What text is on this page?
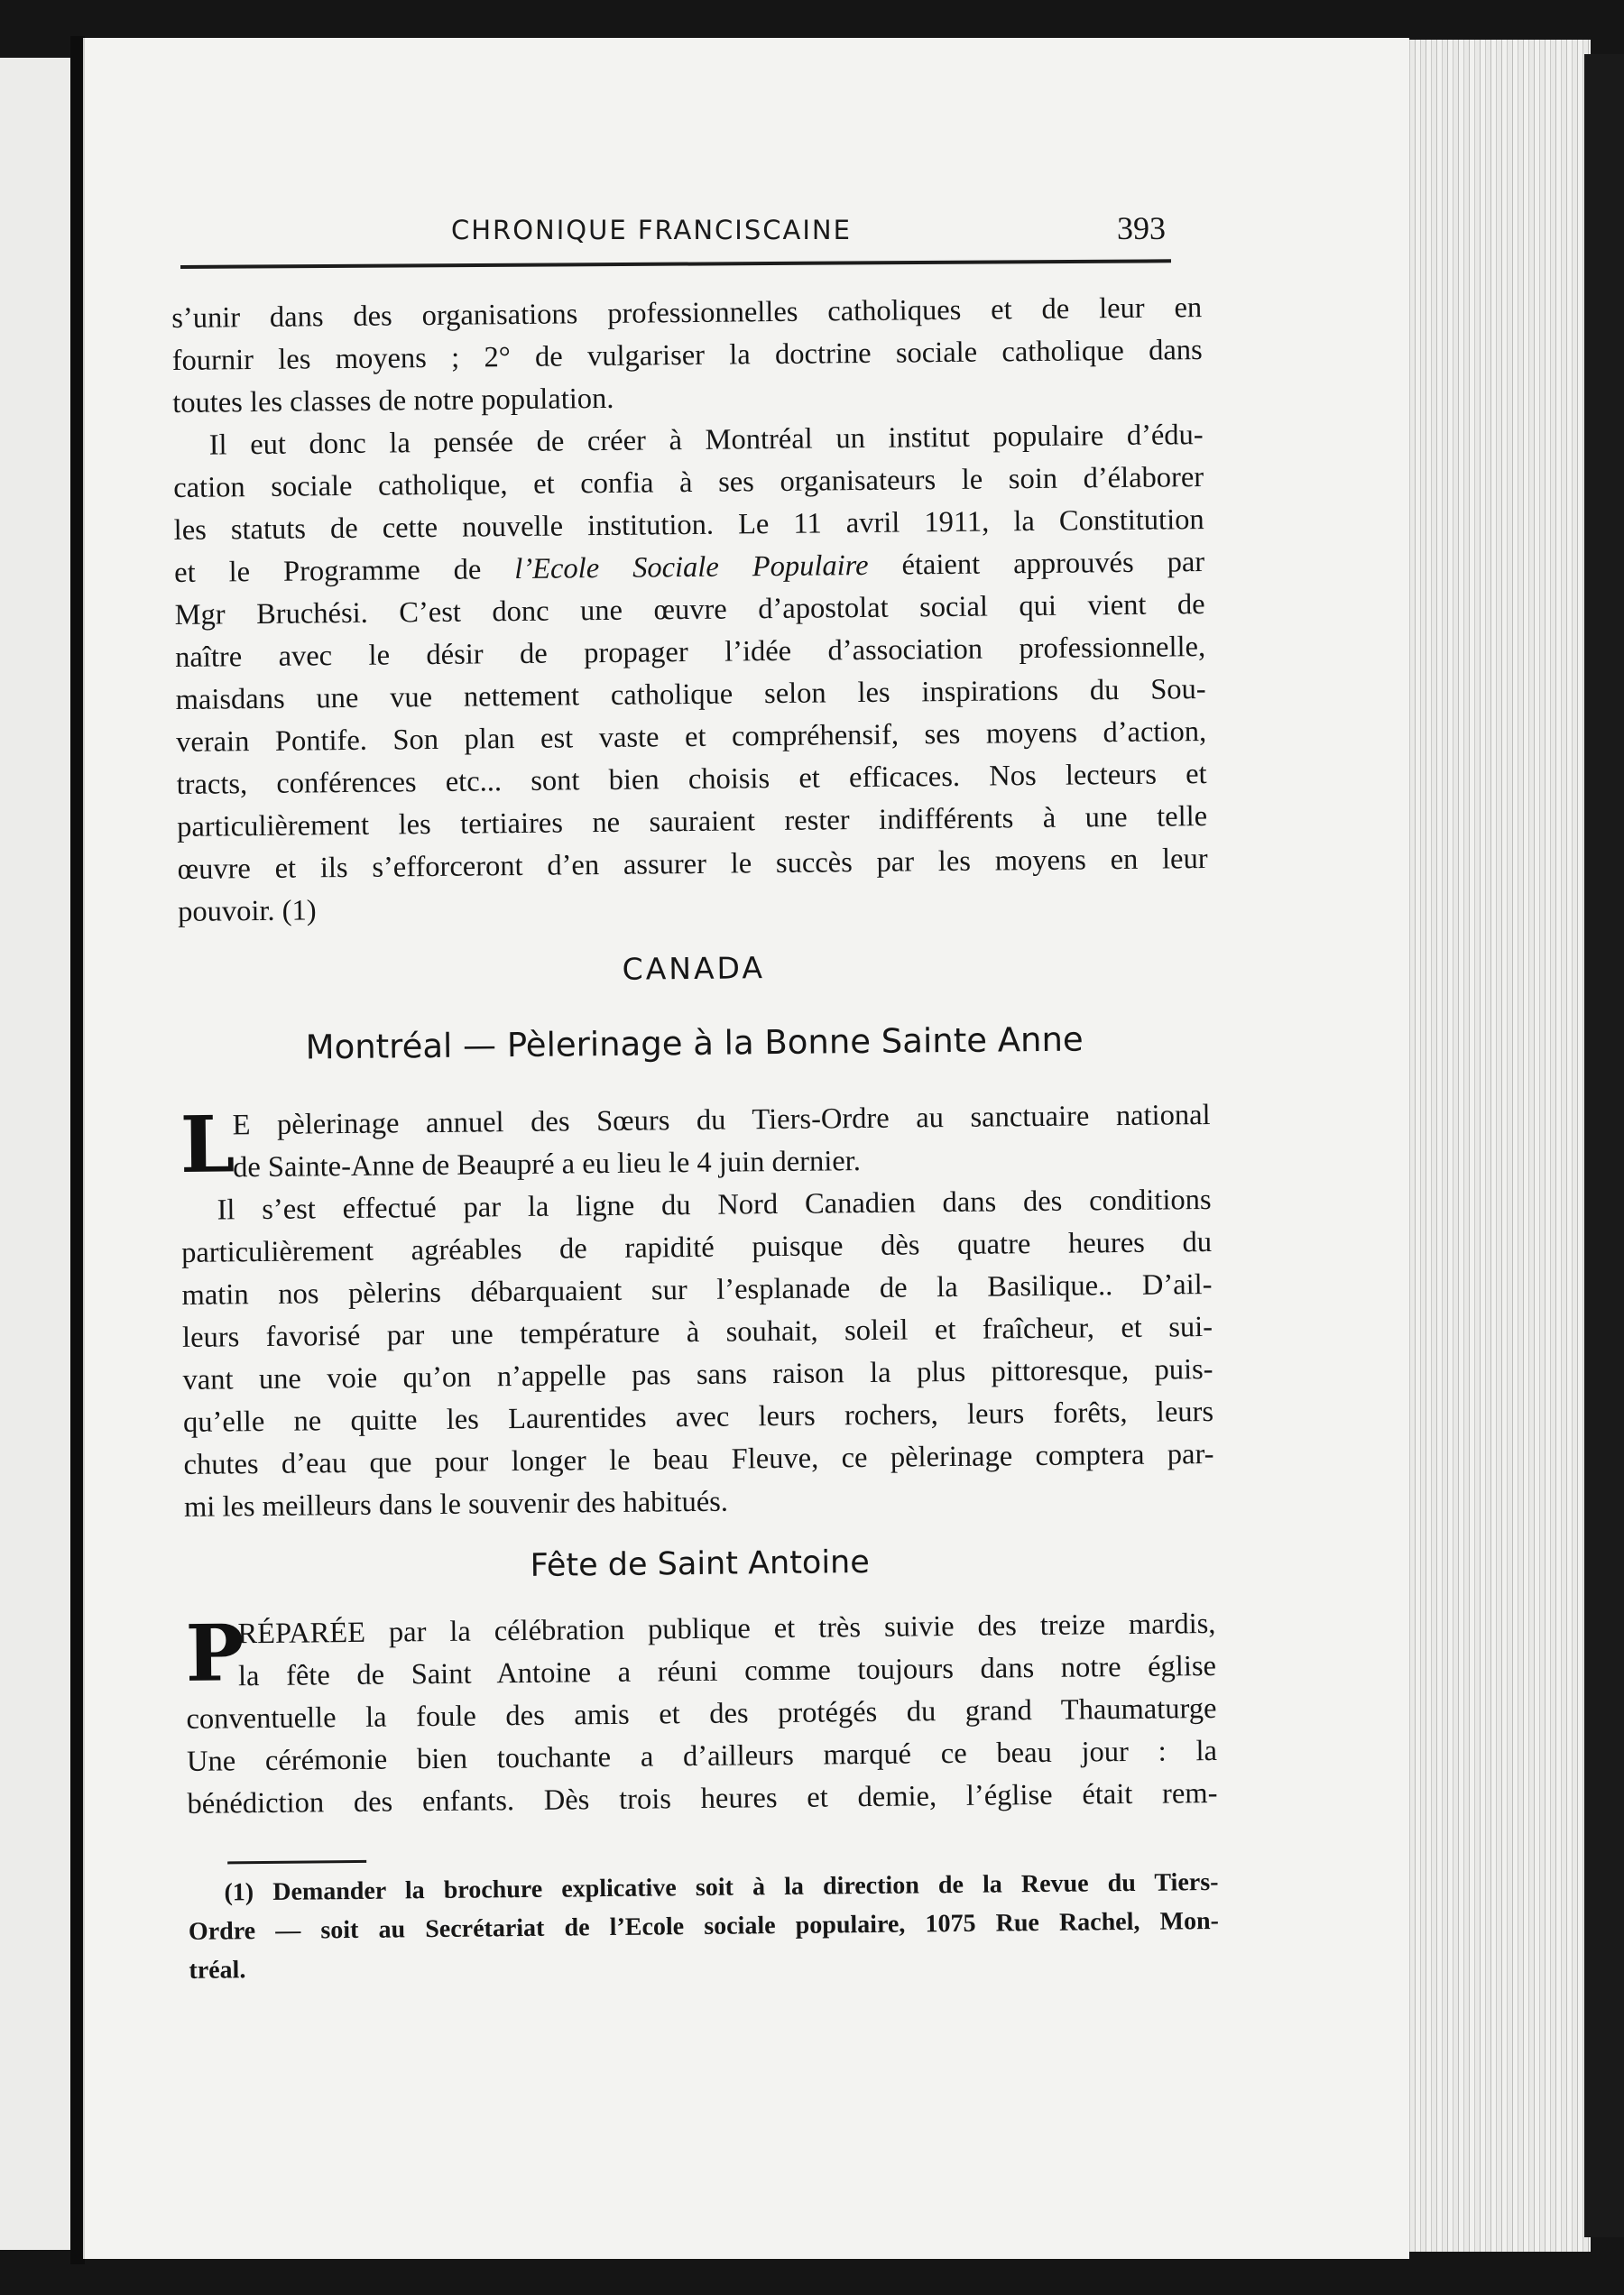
CHRONIQUE FRANCISCAINE	393
s’unir dans des organisations professionnelles catholiques et de leur en
fournir les moyens ; 2° de vulgariser la doctrine sociale catholique dans
toutes les classes de notre population.
Il eut donc la pensée de créer à Montréal un institut populaire d’édu-
cation sociale catholique, et confia à ses organisateurs le soin d’élaborer
les statuts de cette nouvelle institution. Le 11 avril 1911, la Constitution
et le Programme de l’Ecole Sociale Populaire étaient approuvés par
Mgr Bruchési. C’est donc une œuvre d’apostolat social qui vient de
naître avec le désir de propager l’idée d’association professionnelle,
maisdans une vue nettement catholique selon les inspirations du Sou-
verain Pontife. Son plan est vaste et compréhensif, ses moyens d’action,
tracts, conférences etc... sont bien choisis et efficaces. Nos lecteurs et
particulièrement les tertiaires ne sauraient rester indifférents à une telle
œuvre et ils s’efforceront d’en assurer le succès par les moyens en leur
pouvoir. (1)
CANADA
Montréal — Pèlerinage à la Bonne Sainte Anne
L
E pèlerinage annuel des Sœurs du Tiers-Ordre au sanctuaire national
de Sainte-Anne de Beaupré a eu lieu le 4 juin dernier.
Il s’est effectué par la ligne du Nord Canadien dans des conditions
particulièrement agréables de rapidité puisque dès quatre heures du
matin nos pèlerins débarquaient sur l’esplanade de la Basilique.. D’ail-
leurs favorisé par une température à souhait, soleil et fraîcheur, et sui-
vant une voie qu’on n’appelle pas sans raison la plus pittoresque, puis-
qu’elle ne quitte les Laurentides avec leurs rochers, leurs forêts, leurs
chutes d’eau que pour longer le beau Fleuve, ce pèlerinage comptera par-
mi les meilleurs dans le souvenir des habitués.
Fête de Saint Antoine
P
RÉPARÉE par la célébration publique et très suivie des treize mardis,
la fête de Saint Antoine a réuni comme toujours dans notre église
conventuelle la foule des amis et des protégés du grand Thaumaturge
Une cérémonie bien touchante a d’ailleurs marqué ce beau jour : la
bénédiction des enfants. Dès trois heures et demie, l’église était rem-
(1) Demander la brochure explicative soit à la direction de la Revue du Tiers-
Ordre — soit au Secrétariat de l’Ecole sociale populaire, 1075 Rue Rachel, Mon-
tréal.
